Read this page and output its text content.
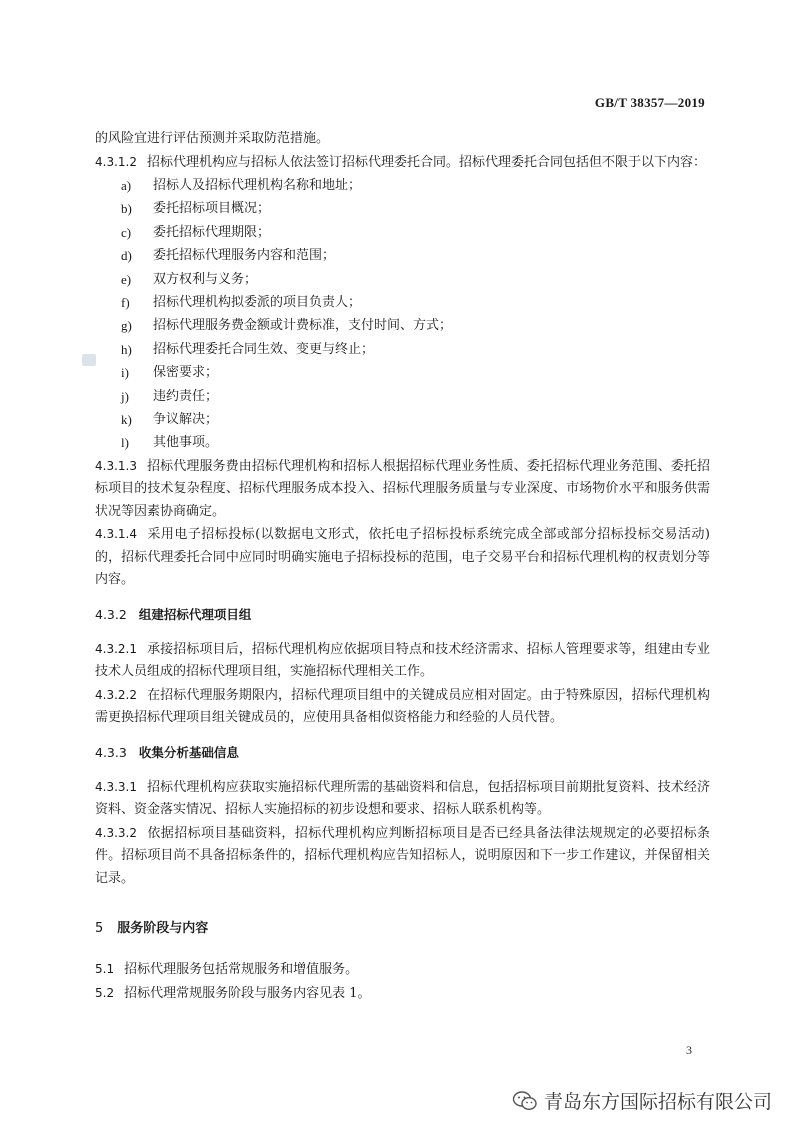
GB/T 38357—2019

的风险宜进行评估预测并采取防范措施。

4.3.1.2 招标代理机构应与招标人依法签订招标代理委托合同。招标代理委托合同包括但不限于以下内容：

a) 招标人及招标代理机构名称和地址；
b) 委托招标项目概况；
c) 委托招标代理期限；
d) 委托招标代理服务内容和范围；
e) 双方权利与义务；
f) 招标代理机构拟委派的项目负责人；
g) 招标代理服务费金额或计费标准，支付时间、方式；
h) 招标代理委托合同生效、变更与终止；
i) 保密要求；
j) 违约责任；
k) 争议解决；
l) 其他事项。

4.3.1.3 招标代理服务费由招标代理机构和招标人根据招标代理业务性质、委托招标代理业务范围、委托招标项目的技术复杂程度、招标代理服务成本投入、招标代理服务质量与专业深度、市场物价水平和服务供需状况等因素协商确定。

4.3.1.4 采用电子招标投标(以数据电文形式，依托电子招标投标系统完成全部或部分招标投标交易活动)的，招标代理委托合同中应同时明确实施电子招标投标的范围，电子交易平台和招标代理机构的权责划分等内容。

4.3.2 组建招标代理项目组

4.3.2.1 承接招标项目后，招标代理机构应依据项目特点和技术经济需求、招标人管理要求等，组建由专业技术人员组成的招标代理项目组，实施招标代理相关工作。

4.3.2.2 在招标代理服务期限内，招标代理项目组中的关键成员应相对固定。由于特殊原因，招标代理机构需更换招标代理项目组关键成员的，应使用具备相似资格能力和经验的人员代替。

4.3.3 收集分析基础信息

4.3.3.1 招标代理机构应获取实施招标代理所需的基础资料和信息，包括招标项目前期批复资料、技术经济资料、资金落实情况、招标人实施招标的初步设想和要求、招标人联系机构等。

4.3.3.2 依据招标项目基础资料，招标代理机构应判断招标项目是否已经具备法律法规规定的必要招标条件。招标项目尚不具备招标条件的，招标代理机构应告知招标人，说明原因和下一步工作建议，并保留相关记录。

5 服务阶段与内容

5.1 招标代理服务包括常规服务和增值服务。

5.2 招标代理常规服务阶段与服务内容见表 1。

3
青岛东方国际招标有限公司
